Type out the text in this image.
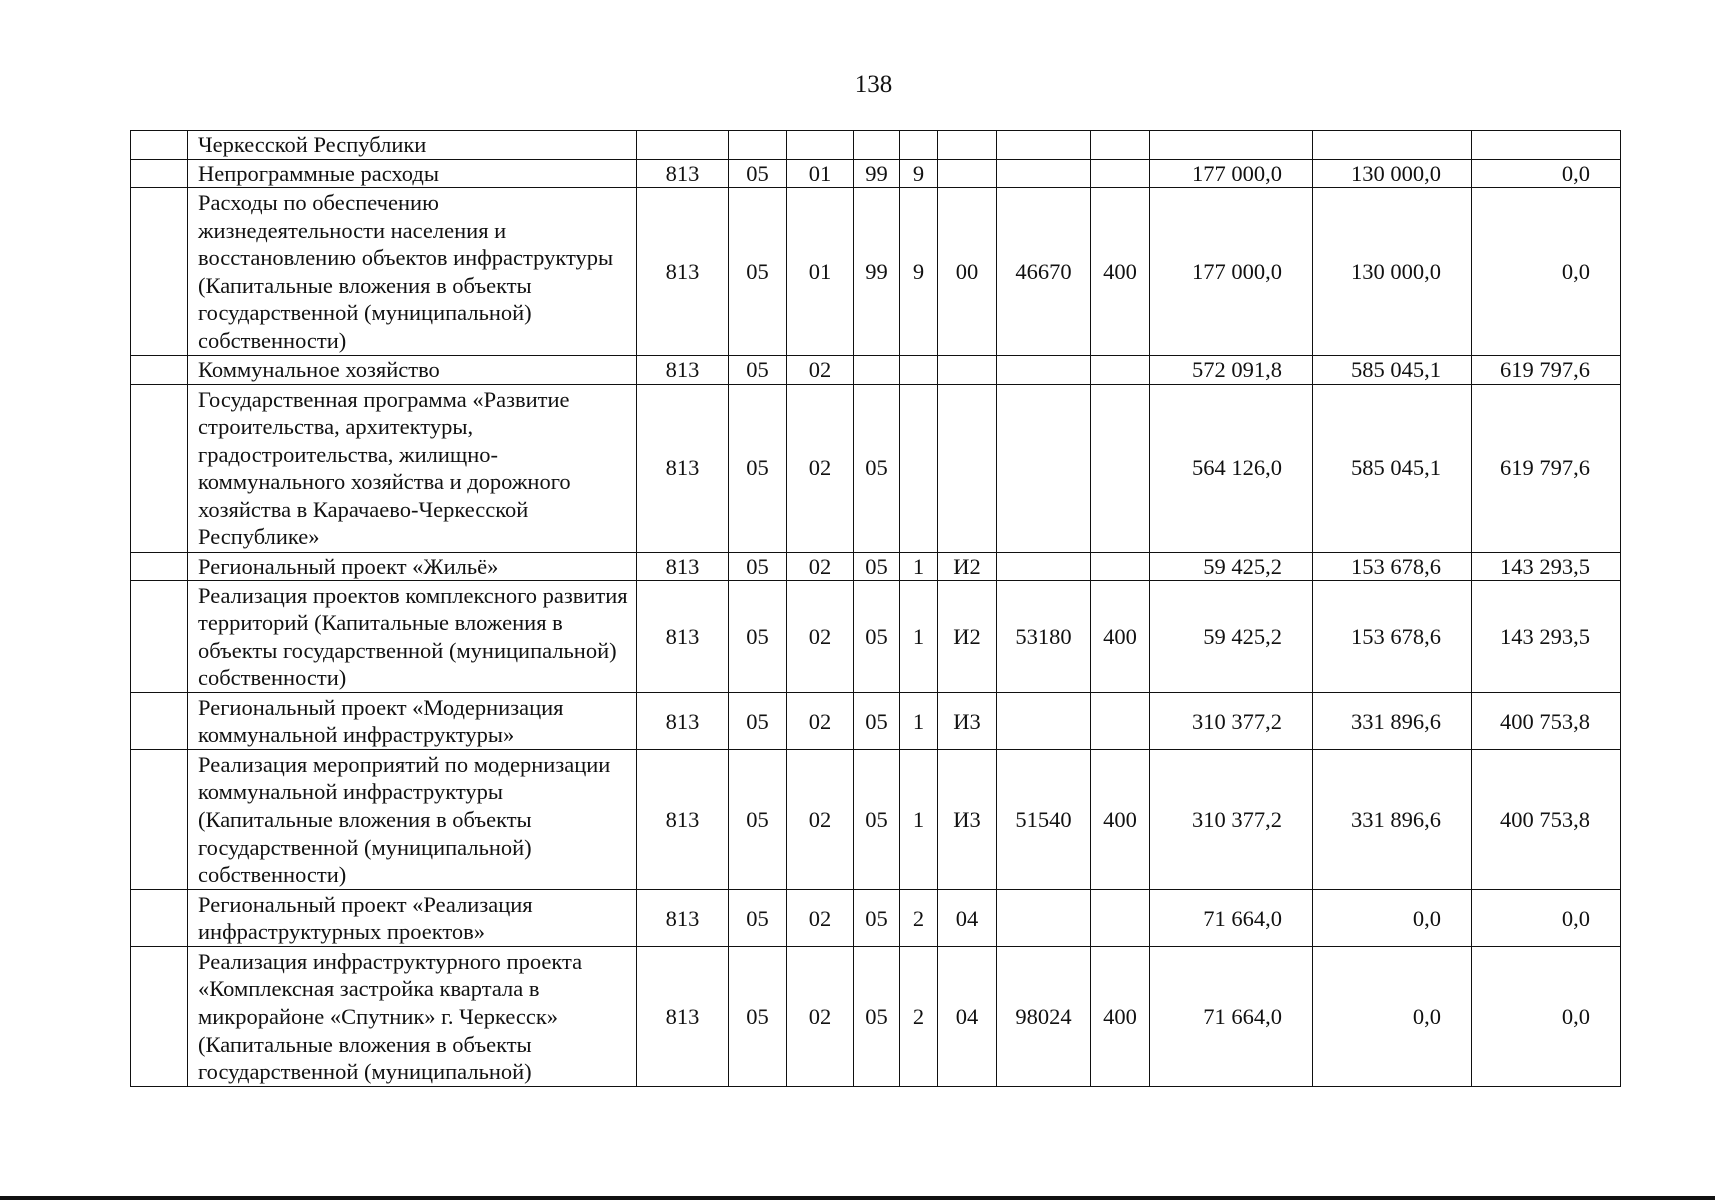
138
	Черкесской Республики											
	Непрограммные расходы	813	05	01	99	9				177 000,0	130 000,0	0,0
	Расходы по обеспечению жизнедеятельности населения и восстановлению объектов инфраструктуры (Капитальные вложения в объекты государственной (муниципальной) собственности)	813	05	01	99	9	00	46670	400	177 000,0	130 000,0	0,0
	Коммунальное хозяйство	813	05	02						572 091,8	585 045,1	619 797,6
	Государственная программа «Развитие строительства, архитектуры, градостроительства, жилищно-коммунального хозяйства и дорожного хозяйства в Карачаево-Черкесской Республике»	813	05	02	05					564 126,0	585 045,1	619 797,6
	Региональный проект «Жильё»	813	05	02	05	1	И2			59 425,2	153 678,6	143 293,5
	Реализация проектов комплексного развития территорий (Капитальные вложения в объекты государственной (муниципальной) собственности)	813	05	02	05	1	И2	53180	400	59 425,2	153 678,6	143 293,5
	Региональный проект «Модернизация коммунальной инфраструктуры»	813	05	02	05	1	И3			310 377,2	331 896,6	400 753,8
	Реализация мероприятий по модернизации коммунальной инфраструктуры (Капитальные вложения в объекты государственной (муниципальной) собственности)	813	05	02	05	1	И3	51540	400	310 377,2	331 896,6	400 753,8
	Региональный проект «Реализация инфраструктурных проектов»	813	05	02	05	2	04			71 664,0	0,0	0,0
	Реализация инфраструктурного проекта «Комплексная застройка квартала в микрорайоне «Спутник» г. Черкесск» (Капитальные вложения в объекты государственной (муниципальной)	813	05	02	05	2	04	98024	400	71 664,0	0,0	0,0
